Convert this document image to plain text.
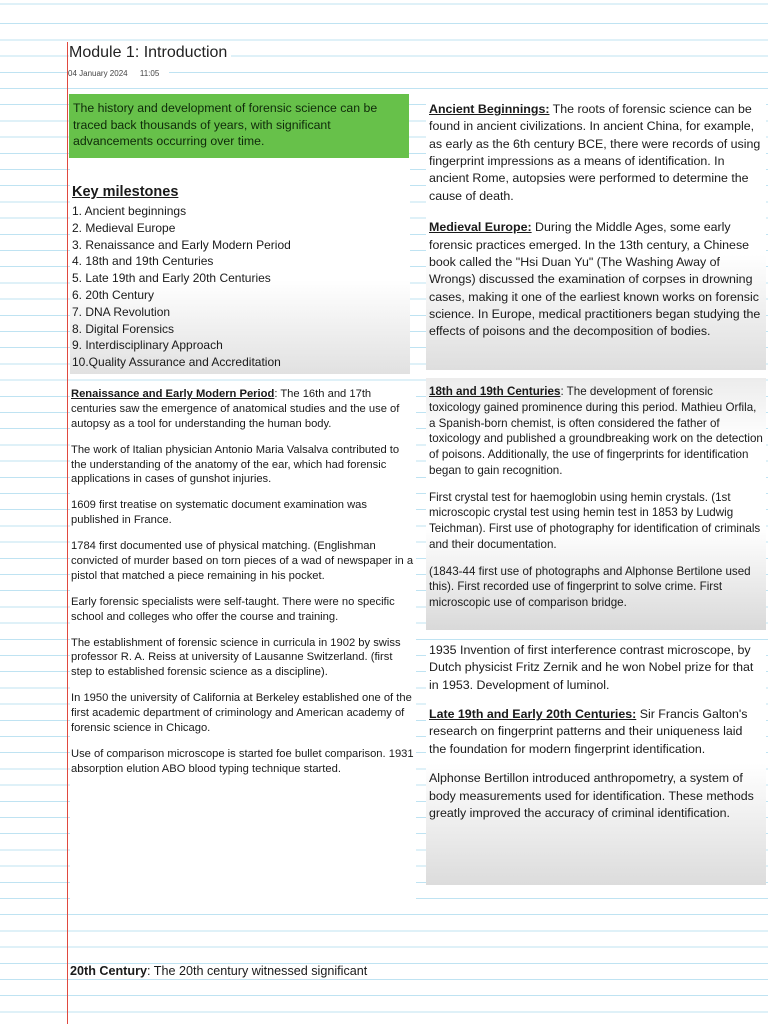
Module 1: Introduction
04 January 2024 11:05
The history and development of forensic science can be traced back thousands of years, with significant advancements occurring over time.
Key milestones
1. Ancient beginnings
2. Medieval Europe
3. Renaissance and Early Modern Period
4. 18th and 19th Centuries
5. Late 19th and Early 20th Centuries
6. 20th Century
7. DNA Revolution
8. Digital Forensics
9. Interdisciplinary Approach
10.Quality Assurance and Accreditation

Renaissance and Early Modern Period: The 16th and 17th centuries saw the emergence of anatomical studies and the use of autopsy as a tool for understanding the human body.

The work of Italian physician Antonio Maria Valsalva contributed to the understanding of the anatomy of the ear, which had forensic applications in cases of gunshot injuries.

1609 first treatise on systematic document examination was published in France.

1784 first documented use of physical matching. (Englishman convicted of murder based on torn pieces of a wad of newspaper in a pistol that matched a piece remaining in his pocket.

Early forensic specialists were self-taught. There were no specific school and colleges who offer the course and training.

The establishment of forensic science in curricula in 1902 by swiss professor R. A. Reiss at university of Lausanne Switzerland. (first step to established forensic science as a discipline).

In 1950 the university of California at Berkeley established one of the first academic department of criminology and American academy of forensic science in Chicago.

Use of comparison microscope is started foe bullet comparison. 1931 absorption elution ABO blood typing technique started.

Ancient Beginnings: The roots of forensic science can be found in ancient civilizations. In ancient China, for example, as early as the 6th century BCE, there were records of using fingerprint impressions as a means of identification. In ancient Rome, autopsies were performed to determine the cause of death.

Medieval Europe: During the Middle Ages, some early forensic practices emerged. In the 13th century, a Chinese book called the "Hsi Duan Yu" (The Washing Away of Wrongs) discussed the examination of corpses in drowning cases, making it one of the earliest known works on forensic science. In Europe, medical practitioners began studying the effects of poisons and the decomposition of bodies.

18th and 19th Centuries: The development of forensic toxicology gained prominence during this period. Mathieu Orfila, a Spanish-born chemist, is often considered the father of toxicology and published a groundbreaking work on the detection of poisons. Additionally, the use of fingerprints for identification began to gain recognition.

First crystal test for haemoglobin using hemin crystals. (1st microscopic crystal test using hemin test in 1853 by Ludwig Teichman). First use of photography for identification of criminals and their documentation.

(1843-44 first use of photographs and Alphonse Bertilone used this). First recorded use of fingerprint to solve crime. First microscopic use of comparison bridge.

1935 Invention of first interference contrast microscope, by Dutch physicist Fritz Zernik and he won Nobel prize for that in 1953. Development of luminol.

Late 19th and Early 20th Centuries: Sir Francis Galton's research on fingerprint patterns and their uniqueness laid the foundation for modern fingerprint identification.

Alphonse Bertillon introduced anthropometry, a system of body measurements used for identification. These methods greatly improved the accuracy of criminal identification.

20th Century: The 20th century witnessed significant
